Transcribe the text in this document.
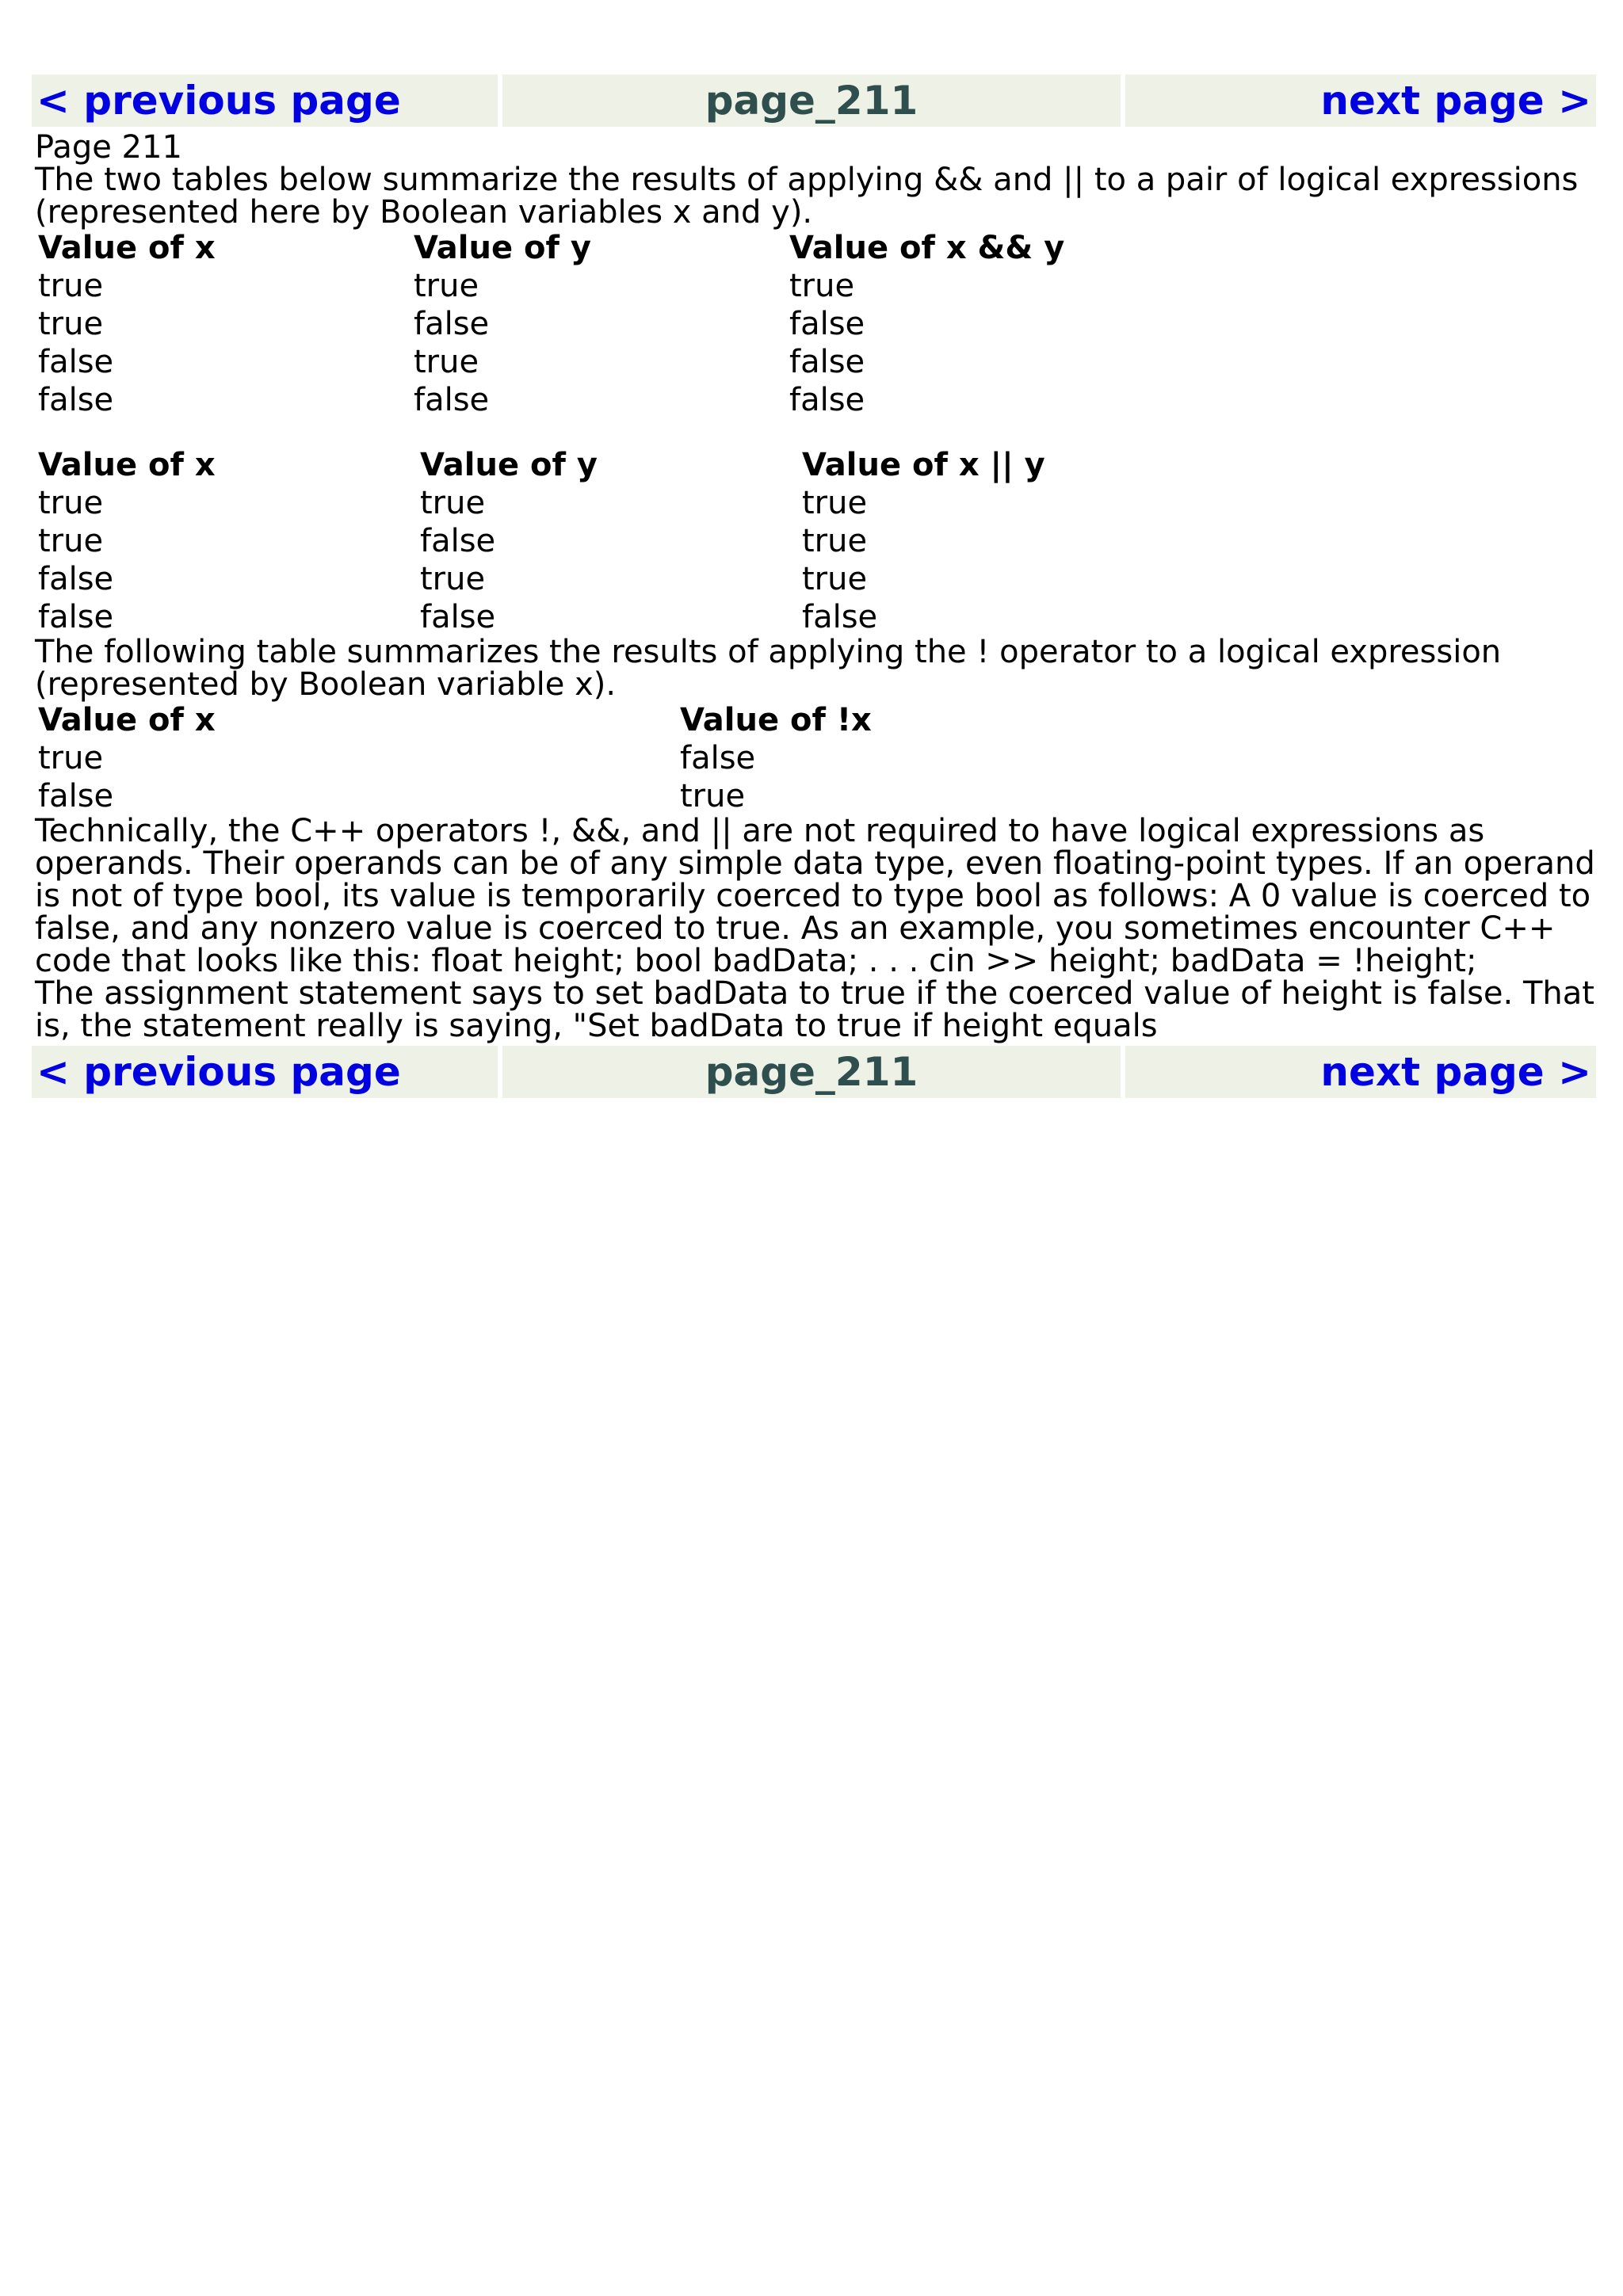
< previous page	page_211	next page >
Page 211
The two tables below summarize the results of applying && and || to a pair of logical expressions (represented here by Boolean variables x and y).
Value of x	Value of y	Value of x && y
true	true	true
true	false	false
false	true	false
false	false	false
Value of x	Value of y	Value of x || y
true	true	true
true	false	true
false	true	true
false	false	false
The following table summarizes the results of applying the ! operator to a logical expression (represented by Boolean variable x).
Value of x	Value of !x
true	false
false	true
Technically, the C++ operators !, &&, and || are not required to have logical expressions as operands. Their operands can be of any simple data type, even floating-point types. If an operand is not of type bool, its value is temporarily coerced to type bool as follows: A 0 value is coerced to false, and any nonzero value is coerced to true. As an example, you sometimes encounter C++ code that looks like this: float height; bool badData; . . . cin >> height; badData = !height;
The assignment statement says to set badData to true if the coerced value of height is false. That is, the statement really is saying, "Set badData to true if height equals
< previous page	page_211	next page >
